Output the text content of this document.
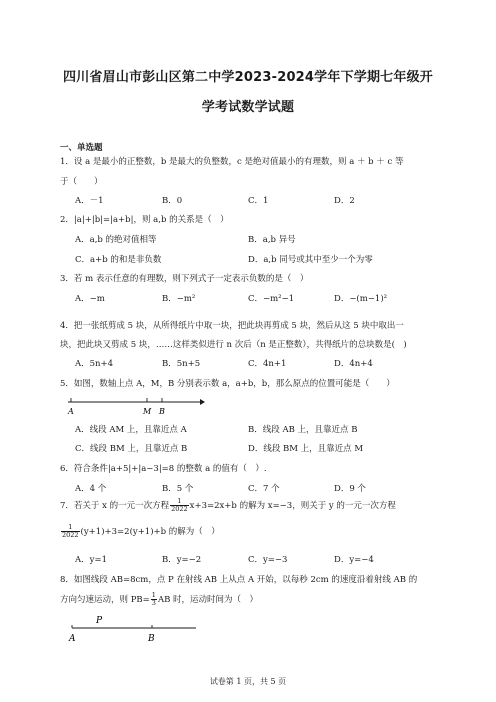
四川省眉山市彭山区第二中学2023-2024学年下学期七年级开
学考试数学试题
一、单选题
1．设 a 是最小的正整数，b 是最大的负整数，c 是绝对值最小的有理数，则 a ＋ b ＋ c 等
于（　　）
A．－1	B．0	C．1	D．2
2．|a|+|b|=|a+b|，则 a,b 的关系是（　）
A．a,b 的绝对值相等	B．a,b 异号
C．a+b 的和是非负数	D．a,b 同号或其中至少一个为零
3．若 m 表示任意的有理数，则下列式子一定表示负数的是（　）
A．−m	B．−m²	C．−m²−1	D．−(m−1)²
4．把一张纸剪成 5 块，从所得纸片中取一块，把此块再剪成 5 块，然后从这 5 块中取出一
块，把此块又剪成 5 块，……这样类似进行 n 次后（n 是正整数），共得纸片的总块数是(　)
A．5n+4	B．5n+5	C．4n+1	D．4n+4
5．如图，数轴上点 A，M，B 分别表示数 a，a+b，b，那么原点的位置可能是（　　）
A	M B
A．线段 AM 上，且靠近点 A	B．线段 AB 上，且靠近点 B
C．线段 BM 上，且靠近点 B	D．线段 BM 上，且靠近点 M
6．符合条件|a+5|+|a−3|=8 的整数 a 的值有（　）.
A．4 个	B．5 个	C．7 个	D．9 个
7．若关于 x 的一元一次方程 $\frac{1}{2022} x+3=2x+b$ 的解为 x=−3，则关于 y 的一元一次方程
$\frac{1}{2022} (y+1)+3=2(y+1)+b$ 的解为（　）
A．y=1	B．y=−2	C．y=−3	D．y=−4
8．如图线段 AB=8cm，点 P 在射线 AB 上从点 A 开始，以每秒 2cm 的速度沿着射线 AB 的
方向匀速运动，则 $PB= \frac{1}{3}$ AB 时，运动时间为（　）
P
A	B
试卷第 1 页，共 5 页
